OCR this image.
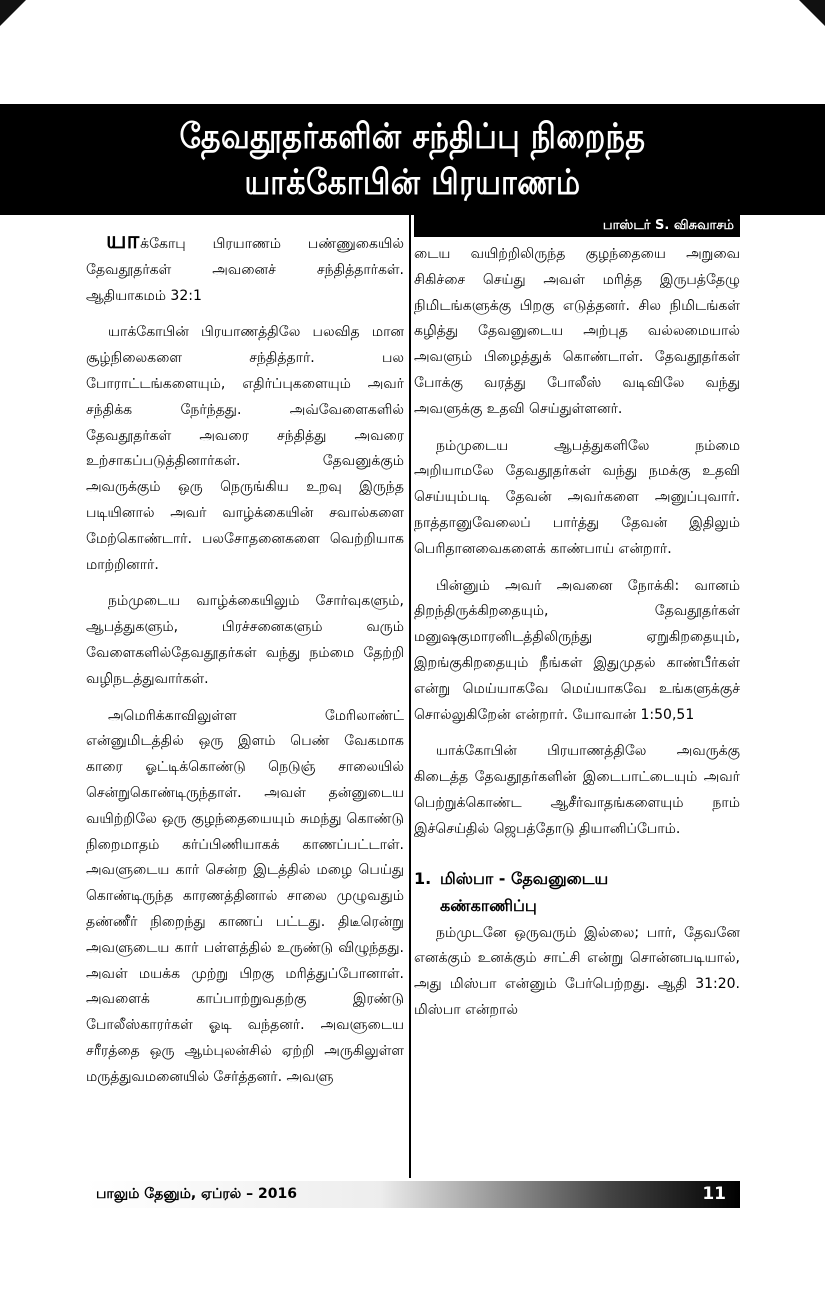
தேவதூதர்களின் சந்திப்பு நிறைந்த
யாக்கோபின் பிரயாணம்
பாஸ்டர் S. விசுவாசம்

யாக்கோபு பிரயாணம் பண்ணுகையில் தேவதூதர்கள் அவனைச் சந்தித்தார்கள். ஆதியாகமம் 32:1

யாக்கோபின் பிரயாணத்திலே பலவித மான சூழ்நிலைகளை சந்தித்தார். பல போராட்டங்களையும், எதிர்ப்புகளையும் அவர் சந்திக்க நேர்ந்தது. அவ்வேளைகளில் தேவதூதர்கள் அவரை சந்தித்து அவரை உற்சாகப்படுத்தினார்கள். தேவனுக்கும் அவருக்கும் ஒரு நெருங்கிய உறவு இருந்த படியினால் அவர் வாழ்க்கையின் சவால்களை மேற்கொண்டார். பலசோதனைகளை வெற்றியாக மாற்றினார்.

நம்முடைய வாழ்க்கையிலும் சோர்வுகளும், ஆபத்துகளும், பிரச்சனைகளும் வரும் வேளைகளில்தேவதூதர்கள் வந்து நம்மை தேற்றி வழிநடத்துவார்கள்.

அமெரிக்காவிலுள்ள மேரிலாண்ட் என்னுமிடத்தில் ஒரு இளம் பெண் வேகமாக காரை ஓட்டிக்கொண்டு நெடுஞ் சாலையில் சென்றுகொண்டிருந்தாள். அவள் தன்னுடைய வயிற்றிலே ஒரு குழந்தையையும் சுமந்து கொண்டு நிறைமாதம் கர்ப்பிணியாகக் காணப்பட்டாள். அவளுடைய கார் சென்ற இடத்தில் மழை பெய்து கொண்டிருந்த காரணத்தினால் சாலை முழுவதும் தண்ணீர் நிறைந்து காணப் பட்டது. திடீரென்று அவளுடைய கார் பள்ளத்தில் உருண்டு விழுந்தது. அவள் மயக்க முற்று பிறகு மரித்துப்போனாள். அவளைக் காப்பாற்றுவதற்கு இரண்டு போலீஸ்காரர்கள் ஓடி வந்தனர். அவளுடைய சரீரத்தை ஒரு ஆம்புலன்சில் ஏற்றி அருகிலுள்ள மருத்துவமனையில் சேர்த்தனர். அவளு

டைய வயிற்றிலிருந்த குழந்தையை அறுவை சிகிச்சை செய்து அவள் மரித்த இருபத்தேழு நிமிடங்களுக்கு பிறகு எடுத்தனர். சில நிமிடங்கள் கழித்து தேவனுடைய அற்புத வல்லமையால் அவளும் பிழைத்துக் கொண்டாள். தேவதூதர்கள் போக்கு வரத்து போலீஸ் வடிவிலே வந்து அவளுக்கு உதவி செய்துள்ளனர்.

நம்முடைய ஆபத்துகளிலே நம்மை அறியாமலே தேவதூதர்கள் வந்து நமக்கு உதவி செய்யும்படி தேவன் அவர்களை அனுப்புவார். நாத்தானுவேலைப் பார்த்து தேவன் இதிலும் பெரிதானவைகளைக் காண்பாய் என்றார்.

பின்னும் அவர் அவனை நோக்கி: வானம் திறந்திருக்கிறதையும், தேவதூதர்கள் மனுஷகுமாரனிடத்திலிருந்து ஏறுகிறதையும், இறங்குகிறதையும் நீங்கள் இதுமுதல் காண்பீர்கள் என்று மெய்யாகவே மெய்யாகவே உங்களுக்குச் சொல்லுகிறேன் என்றார். யோவான் 1:50,51

யாக்கோபின் பிரயாணத்திலே அவருக்கு கிடைத்த தேவதூதர்களின் இடைபாட்டையும் அவர் பெற்றுக்கொண்ட ஆசீர்வாதங்களையும் நாம் இச்செய்தில் ஜெபத்தோடு தியானிப்போம்.

1. மிஸ்பா - தேவனுடைய
கண்காணிப்பு

நம்முடனே ஒருவரும் இல்லை; பார், தேவனே எனக்கும் உனக்கும் சாட்சி என்று சொன்னபடியால், அது மிஸ்பா என்னும் பேர்பெற்றது. ஆதி 31:20. மிஸ்பா என்றால்

பாலும் தேனும், ஏப்ரல் – 2016	11
